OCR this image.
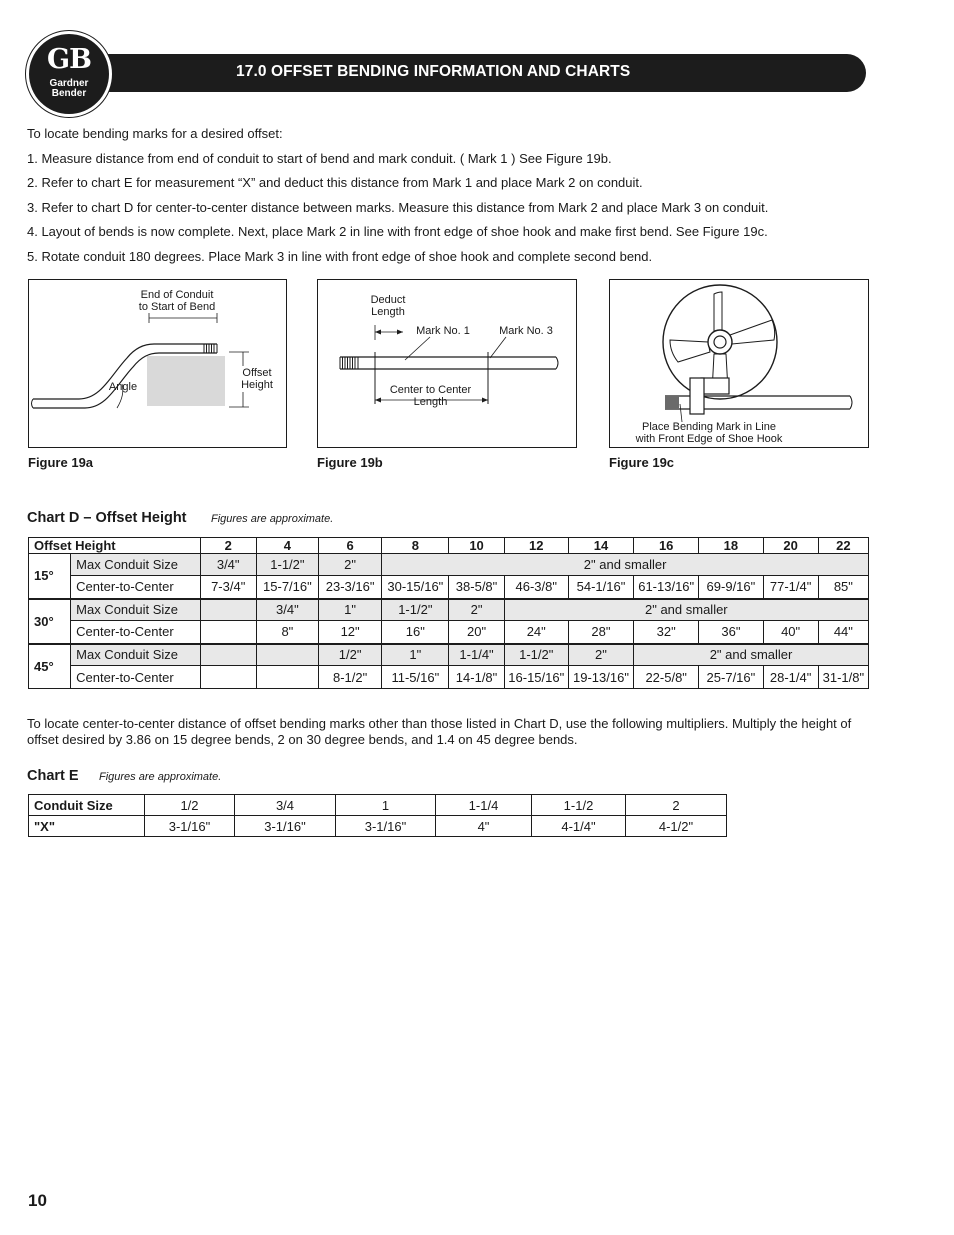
17.0 OFFSET BENDING INFORMATION AND CHARTS
GB
Gardner
Bender
To locate bending marks for a desired offset:
1. Measure distance from end of conduit to start of bend and mark conduit. ( Mark 1 ) See Figure 19b.
2. Refer to chart E for measurement “X” and deduct this distance from Mark 1 and place Mark 2 on conduit.
3. Refer to chart D for center-to-center distance between marks. Measure this distance from Mark 2 and place Mark 3 on conduit.
4. Layout of bends is now complete. Next, place Mark 2 in line with front edge of shoe hook and make first bend. See Figure 19c.
5. Rotate conduit 180 degrees. Place Mark 3 in line with front edge of shoe hook and complete second bend.
End of Conduit
to Start of Bend
Angle
Offset
Height
Figure 19a
Deduct
Length
Mark No. 1	Mark No. 3
Center to Center
Length
Figure 19b
Place Bending Mark in Line
with Front Edge of Shoe Hook
Figure 19c
Chart D – Offset Height Figures are approximate.
Offset Height		2	4	6	8	10	12	14	16	18	20	22
15°	Max Conduit Size	3/4"	1-1/2"	2"	2" and smaller							
	Center-to-Center	7-3/4"	15-7/16"	23-3/16"	30-15/16"	38-5/8"	46-3/8"	54-1/16"	61-13/16"	69-9/16"	77-1/4"	85"
30°	Max Conduit Size		3/4"	1"	1-1/2"	2"	2" and smaller					
	Center-to-Center		8"	12"	16"	20"	24"	28"	32"	36"	40"	44"
45°	Max Conduit Size			1/2"	1"	1-1/4"	1-1/2"	2"	2" and smaller			
	Center-to-Center			8-1/2"	11-5/16"	14-1/8"	16-15/16"	19-13/16"	22-5/8"	25-7/16"	28-1/4"	31-1/8"
To locate center-to-center distance of offset bending marks other than those listed in Chart D, use the following multipliers. Multiply the height of offset desired by 3.86 on 15 degree bends, 2 on 30 degree bends, and 1.4 on 45 degree bends.
Chart E Figures are approximate.
Conduit Size	1/2	3/4	1	1-1/4	1-1/2	2
"X"	3-1/16"	3-1/16"	3-1/16"	4"	4-1/4"	4-1/2"
10
